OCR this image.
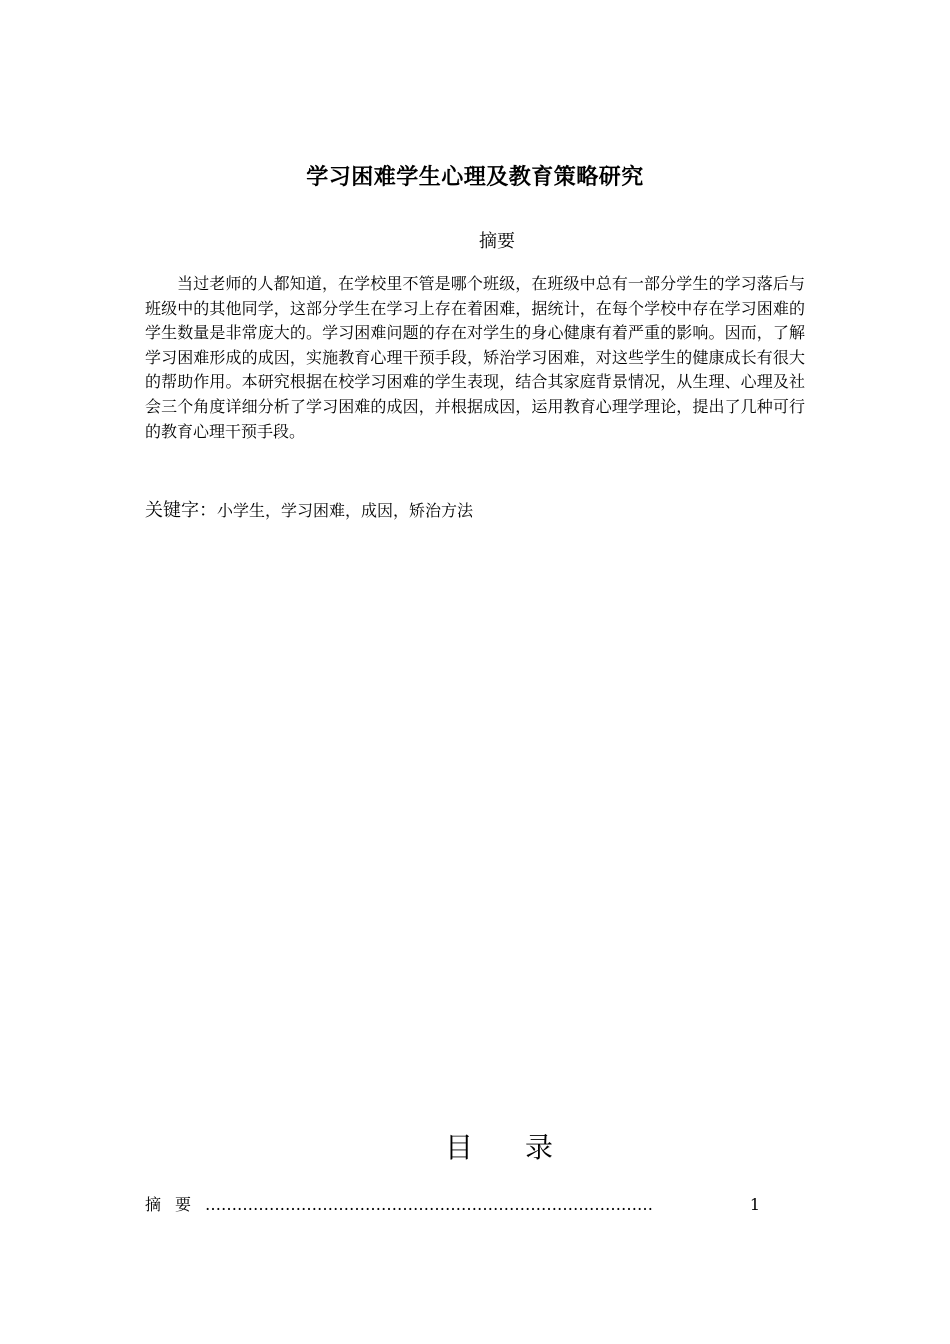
学习困难学生心理及教育策略研究
摘要
当过老师的人都知道，在学校里不管是哪个班级，在班级中总有一部分学生的学习落后与班级中的其他同学，这部分学生在学习上存在着困难，据统计，在每个学校中存在学习困难的学生数量是非常庞大的。学习困难问题的存在对学生的身心健康有着严重的影响。因而，了解学习困难形成的成因，实施教育心理干预手段，矫治学习困难，对这些学生的健康成长有很大的帮助作用。本研究根据在校学习困难的学生表现，结合其家庭背景情况，从生理、心理及社会三个角度详细分析了学习困难的成因，并根据成因，运用教育心理学理论，提出了几种可行的教育心理干预手段。
关键字：小学生，学习困难，成因，矫治方法
目 录
摘要 …………………………………………………………………………	1
